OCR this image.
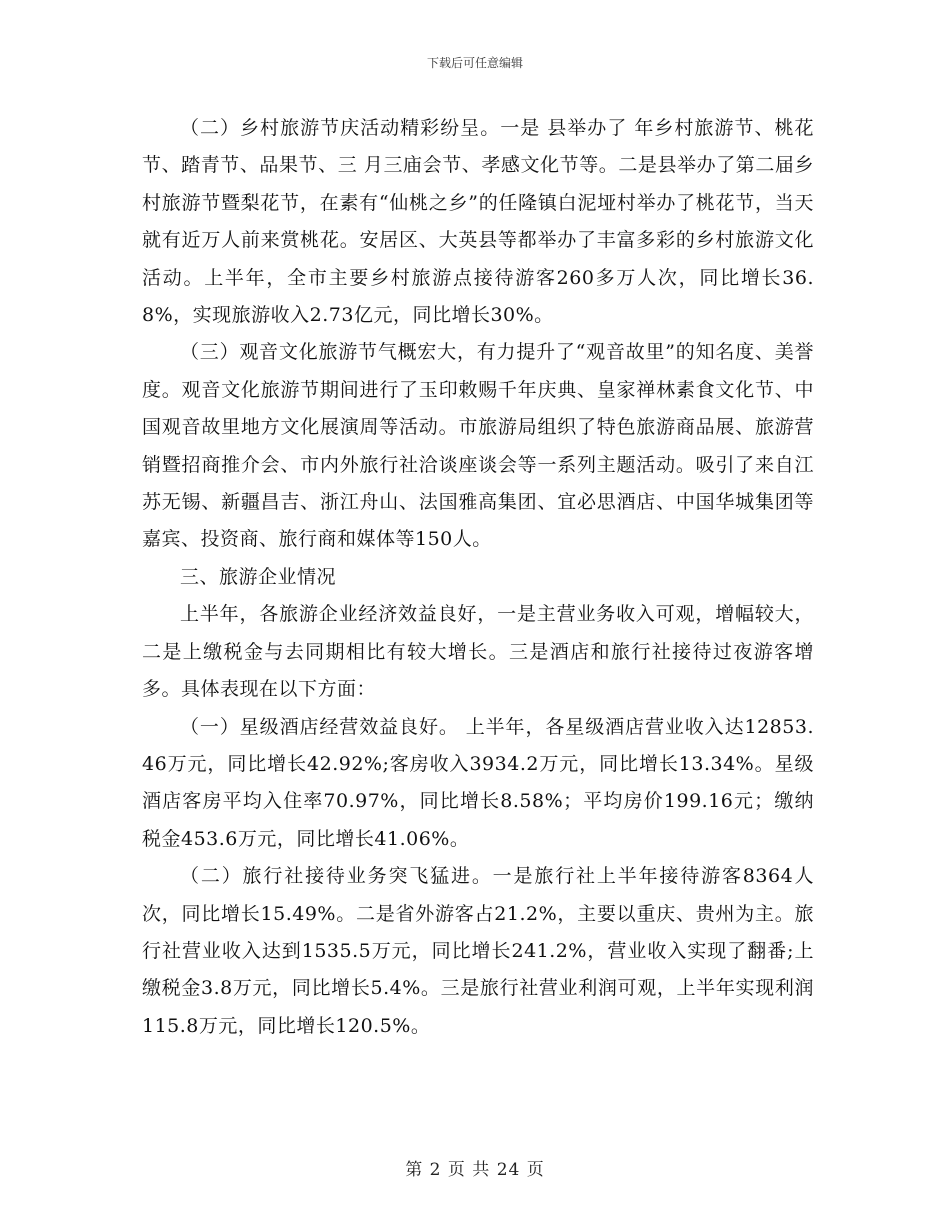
下载后可任意编辑

（二）乡村旅游节庆活动精彩纷呈。一是 县举办了 年乡村旅游节、桃花节、踏青节、品果节、三 月三庙会节、孝感文化节等。二是县举办了第二届乡村旅游节暨梨花节，在素有“仙桃之乡”的任隆镇白泥垭村举办了桃花节，当天就有近万人前来赏桃花。安居区、大英县等都举办了丰富多彩的乡村旅游文化活动。上半年，全市主要乡村旅游点接待游客260多万人次，同比增长36.8%，实现旅游收入2.73亿元，同比增长30%。

（三）观音文化旅游节气概宏大，有力提升了“观音故里”的知名度、美誉度。观音文化旅游节期间进行了玉印敕赐千年庆典、皇家禅林素食文化节、中国观音故里地方文化展演周等活动。市旅游局组织了特色旅游商品展、旅游营销暨招商推介会、市内外旅行社洽谈座谈会等一系列主题活动。吸引了来自江苏无锡、新疆昌吉、浙江舟山、法国雅高集团、宜必思酒店、中国华城集团等嘉宾、投资商、旅行商和媒体等150人。

三、旅游企业情况

上半年，各旅游企业经济效益良好，一是主营业务收入可观，增幅较大，二是上缴税金与去同期相比有较大增长。三是酒店和旅行社接待过夜游客增多。具体表现在以下方面：

（一）星级酒店经营效益良好。 上半年，各星级酒店营业收入达12853.46万元，同比增长42.92%;客房收入3934.2万元，同比增长13.34%。星级酒店客房平均入住率70.97%，同比增长8.58%；平均房价199.16元；缴纳税金453.6万元，同比增长41.06%。

（二）旅行社接待业务突飞猛进。一是旅行社上半年接待游客8364人次，同比增长15.49%。二是省外游客占21.2%，主要以重庆、贵州为主。旅行社营业收入达到1535.5万元，同比增长241.2%，营业收入实现了翻番;上缴税金3.8万元，同比增长5.4%。三是旅行社营业利润可观，上半年实现利润115.8万元，同比增长120.5%。

第 2 页 共 24 页
